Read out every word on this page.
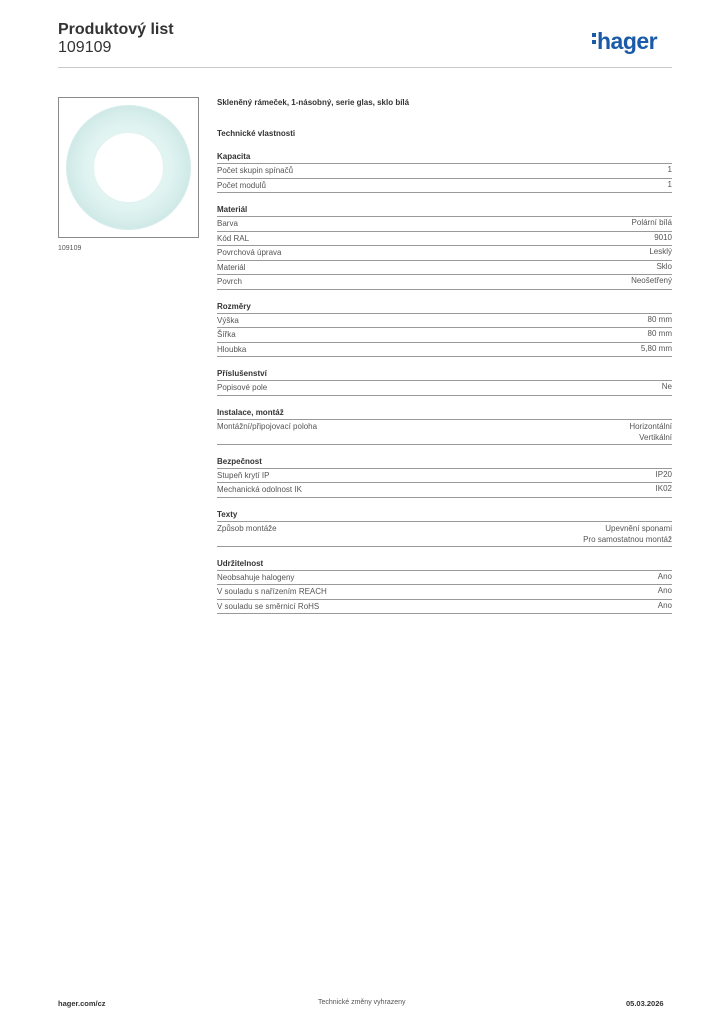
Produktový list
109109	hager
109109
Skleněný rámeček, 1-násobný, serie glas, sklo bílá
Technické vlastnosti
Kapacita
Počet skupin spínačů	1
Počet modulů	1
Materiál
Barva	Polární bílá
Kód RAL	9010
Povrchová úprava	Lesklý
Materiál	Sklo
Povrch	Neošetřený
Rozměry
Výška	80 mm
Šířka	80 mm
Hloubka	5,80 mm
Příslušenství
Popisové pole	Ne
Instalace, montáž
Montážní/připojovací poloha	Horizontální
Vertikální
Bezpečnost
Stupeň krytí IP	IP20
Mechanická odolnost IK	IK02
Texty
Způsob montáže	Upevnění sponami
Pro samostatnou montáž
Udržitelnost
Neobsahuje halogeny	Ano
V souladu s nařízením REACH	Ano
V souladu se směrnicí RoHS	Ano
hager.com/cz	Technické změny vyhrazeny	05.03.2026
